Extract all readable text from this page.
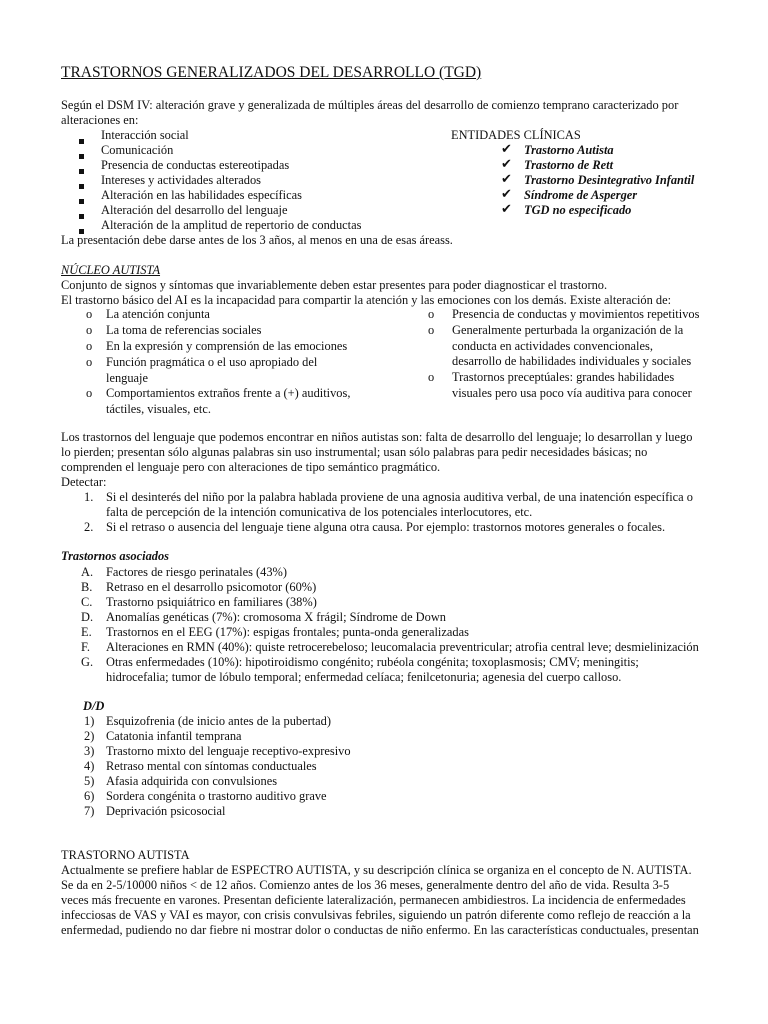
TRASTORNOS GENERALIZADOS DEL DESARROLLO (TGD)
Según el DSM IV: alteración grave y generalizada de múltiples áreas del desarrollo de comienzo temprano caracterizado por
alteraciones en:
Interacción social
Comunicación
Presencia de conductas estereotipadas
Intereses y actividades alterados
Alteración en las habilidades específicas
Alteración del desarrollo del lenguaje
Alteración de la amplitud de repertorio de conductas
ENTIDADES CLÍNICAS
✔ Trastorno Autista
✔ Trastorno de Rett
✔ Trastorno Desintegrativo Infantil
✔ Síndrome de Asperger
✔ TGD no especificado
La presentación debe darse antes de los 3 años, al menos en una de esas áreass.
NÚCLEO AUTISTA
Conjunto de signos y síntomas que invariablemente deben estar presentes para poder diagnosticar el trastorno.
El trastorno básico del AI es la incapacidad para compartir la atención y las emociones con los demás. Existe alteración de:
o La atención conjunta
o La toma de referencias sociales
o En la expresión y comprensión de las emociones
o Función pragmática o el uso apropiado del
lenguaje
o Comportamientos extraños frente a (+) auditivos,
táctiles, visuales, etc.
o Presencia de conductas y movimientos repetitivos
o Generalmente perturbada la organización de la
conducta en actividades convencionales,
desarrollo de habilidades individuales y sociales
o Trastornos preceptúales: grandes habilidades
visuales pero usa poco vía auditiva para conocer
Los trastornos del lenguaje que podemos encontrar en niños autistas son: falta de desarrollo del lenguaje; lo desarrollan y luego
lo pierden; presentan sólo algunas palabras sin uso instrumental; usan sólo palabras para pedir necesidades básicas; no
comprenden el lenguaje pero con alteraciones de tipo semántico pragmático.
Detectar:
1. Si el desinterés del niño por la palabra hablada proviene de una agnosia auditiva verbal, de una inatención específica o
falta de percepción de la intención comunicativa de los potenciales interlocutores, etc.
2. Si el retraso o ausencia del lenguaje tiene alguna otra causa. Por ejemplo: trastornos motores generales o focales.
Trastornos asociados
A. Factores de riesgo perinatales (43%)
B. Retraso en el desarrollo psicomotor (60%)
C. Trastorno psiquiátrico en familiares (38%)
D. Anomalías genéticas (7%): cromosoma X frágil; Síndrome de Down
E. Trastornos en el EEG (17%): espigas frontales; punta-onda generalizadas
F. Alteraciones en RMN (40%): quiste retrocerebeloso; leucomalacia preventricular; atrofia central leve; desmielinización
G. Otras enfermedades (10%): hipotiroidismo congénito; rubéola congénita; toxoplasmosis; CMV; meningitis;
hidrocefalia; tumor de lóbulo temporal; enfermedad celíaca; fenilcetonuria; agenesia del cuerpo calloso.
D/D
1) Esquizofrenia (de inicio antes de la pubertad)
2) Catatonia infantil temprana
3) Trastorno mixto del lenguaje receptivo-expresivo
4) Retraso mental con síntomas conductuales
5) Afasia adquirida con convulsiones
6) Sordera congénita o trastorno auditivo grave
7) Deprivación psicosocial
TRASTORNO AUTISTA
Actualmente se prefiere hablar de ESPECTRO AUTISTA, y su descripción clínica se organiza en el concepto de N. AUTISTA.
Se da en 2-5/10000 niños < de 12 años. Comienzo antes de los 36 meses, generalmente dentro del año de vida. Resulta 3-5
veces más frecuente en varones. Presentan deficiente lateralización, permanecen ambidiestros. La incidencia de enfermedades
infecciosas de VAS y VAI es mayor, con crisis convulsivas febriles, siguiendo un patrón diferente como reflejo de reacción a la
enfermedad, pudiendo no dar fiebre ni mostrar dolor o conductas de niño enfermo. En las características conductuales, presentan
